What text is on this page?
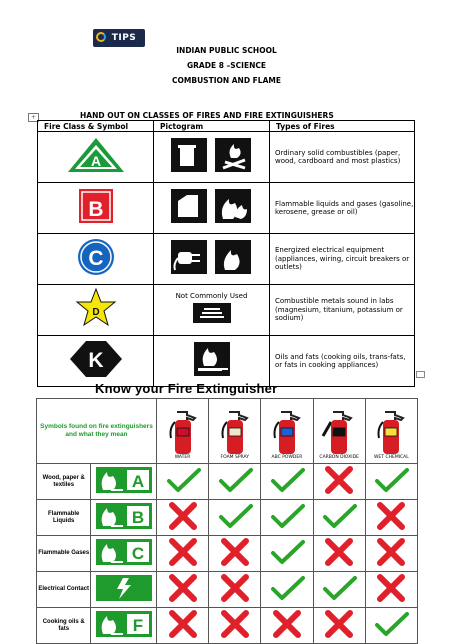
TIPS
INDIAN PUBLIC SCHOOL
GRADE 8 –SCIENCE
COMBUSTION AND FLAME
HAND OUT ON CLASSES OF FIRES AND FIRE EXTINGUISHERS
+
Fire Class & Symbol	Pictogram	Types of Fires

A		Ordinary solid combustibles (paper, wood, cardboard and most plastics)

B		Flammable liquids and gases (gasoline, kerosene, grease or oil)

C		Energized electrical equipment (appliances, wiring, circuit breakers or outlets)

D	Not Commonly Used	Combustible metals sound in labs (magnesium, titanium, potassium or sodium)

K		Oils and fats (cooking oils, trans-fats, or fats in cooking appliances)
Know your Fire Extinguisher
Symbols found on fire extinguishers and what they mean		WATER	FOAM SPRAY	ABC POWDER	CARBON DIOXIDE	WET CHEMICAL

Wood, paper & textiles	A

Flammable Liquids	B

Flammable Gases	C

Electrical Contact	

Cooking oils & fats	F
